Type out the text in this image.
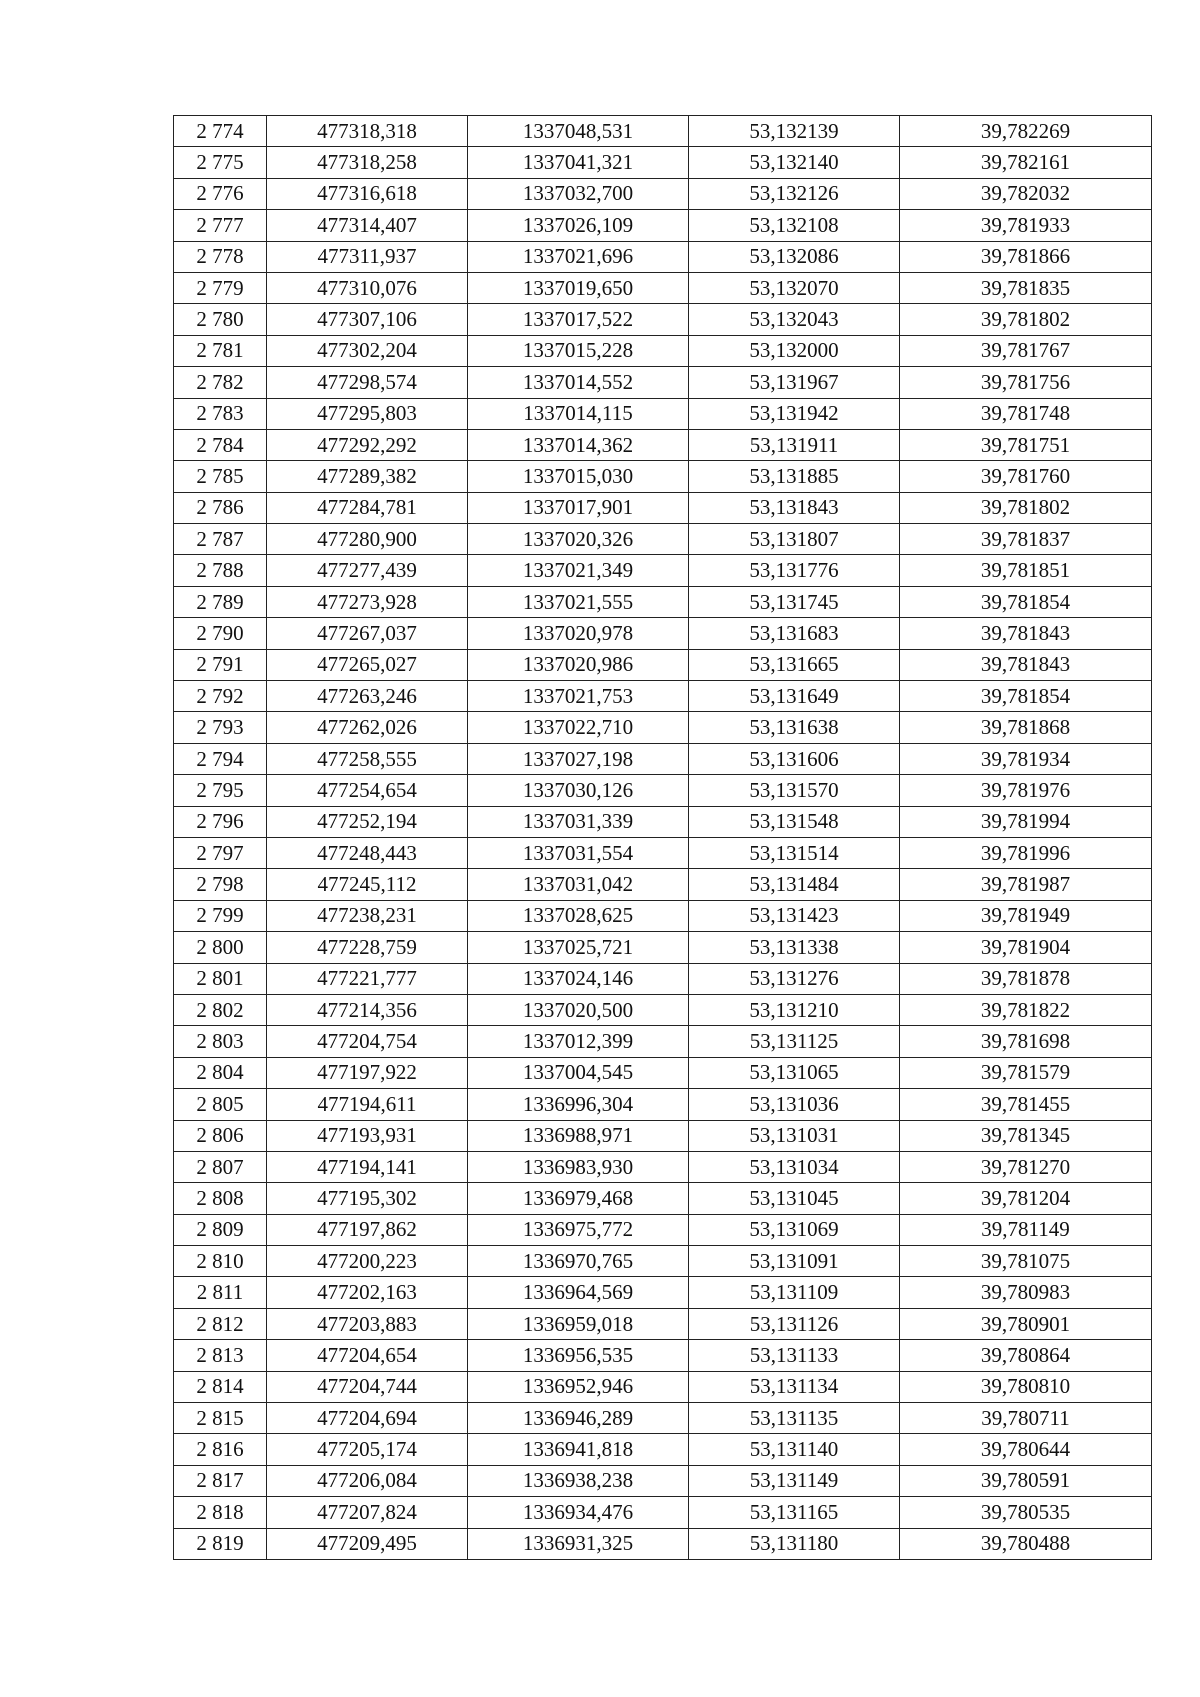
2 774	477318,318	1337048,531	53,132139	39,782269
2 775	477318,258	1337041,321	53,132140	39,782161
2 776	477316,618	1337032,700	53,132126	39,782032
2 777	477314,407	1337026,109	53,132108	39,781933
2 778	477311,937	1337021,696	53,132086	39,781866
2 779	477310,076	1337019,650	53,132070	39,781835
2 780	477307,106	1337017,522	53,132043	39,781802
2 781	477302,204	1337015,228	53,132000	39,781767
2 782	477298,574	1337014,552	53,131967	39,781756
2 783	477295,803	1337014,115	53,131942	39,781748
2 784	477292,292	1337014,362	53,131911	39,781751
2 785	477289,382	1337015,030	53,131885	39,781760
2 786	477284,781	1337017,901	53,131843	39,781802
2 787	477280,900	1337020,326	53,131807	39,781837
2 788	477277,439	1337021,349	53,131776	39,781851
2 789	477273,928	1337021,555	53,131745	39,781854
2 790	477267,037	1337020,978	53,131683	39,781843
2 791	477265,027	1337020,986	53,131665	39,781843
2 792	477263,246	1337021,753	53,131649	39,781854
2 793	477262,026	1337022,710	53,131638	39,781868
2 794	477258,555	1337027,198	53,131606	39,781934
2 795	477254,654	1337030,126	53,131570	39,781976
2 796	477252,194	1337031,339	53,131548	39,781994
2 797	477248,443	1337031,554	53,131514	39,781996
2 798	477245,112	1337031,042	53,131484	39,781987
2 799	477238,231	1337028,625	53,131423	39,781949
2 800	477228,759	1337025,721	53,131338	39,781904
2 801	477221,777	1337024,146	53,131276	39,781878
2 802	477214,356	1337020,500	53,131210	39,781822
2 803	477204,754	1337012,399	53,131125	39,781698
2 804	477197,922	1337004,545	53,131065	39,781579
2 805	477194,611	1336996,304	53,131036	39,781455
2 806	477193,931	1336988,971	53,131031	39,781345
2 807	477194,141	1336983,930	53,131034	39,781270
2 808	477195,302	1336979,468	53,131045	39,781204
2 809	477197,862	1336975,772	53,131069	39,781149
2 810	477200,223	1336970,765	53,131091	39,781075
2 811	477202,163	1336964,569	53,131109	39,780983
2 812	477203,883	1336959,018	53,131126	39,780901
2 813	477204,654	1336956,535	53,131133	39,780864
2 814	477204,744	1336952,946	53,131134	39,780810
2 815	477204,694	1336946,289	53,131135	39,780711
2 816	477205,174	1336941,818	53,131140	39,780644
2 817	477206,084	1336938,238	53,131149	39,780591
2 818	477207,824	1336934,476	53,131165	39,780535
2 819	477209,495	1336931,325	53,131180	39,780488
